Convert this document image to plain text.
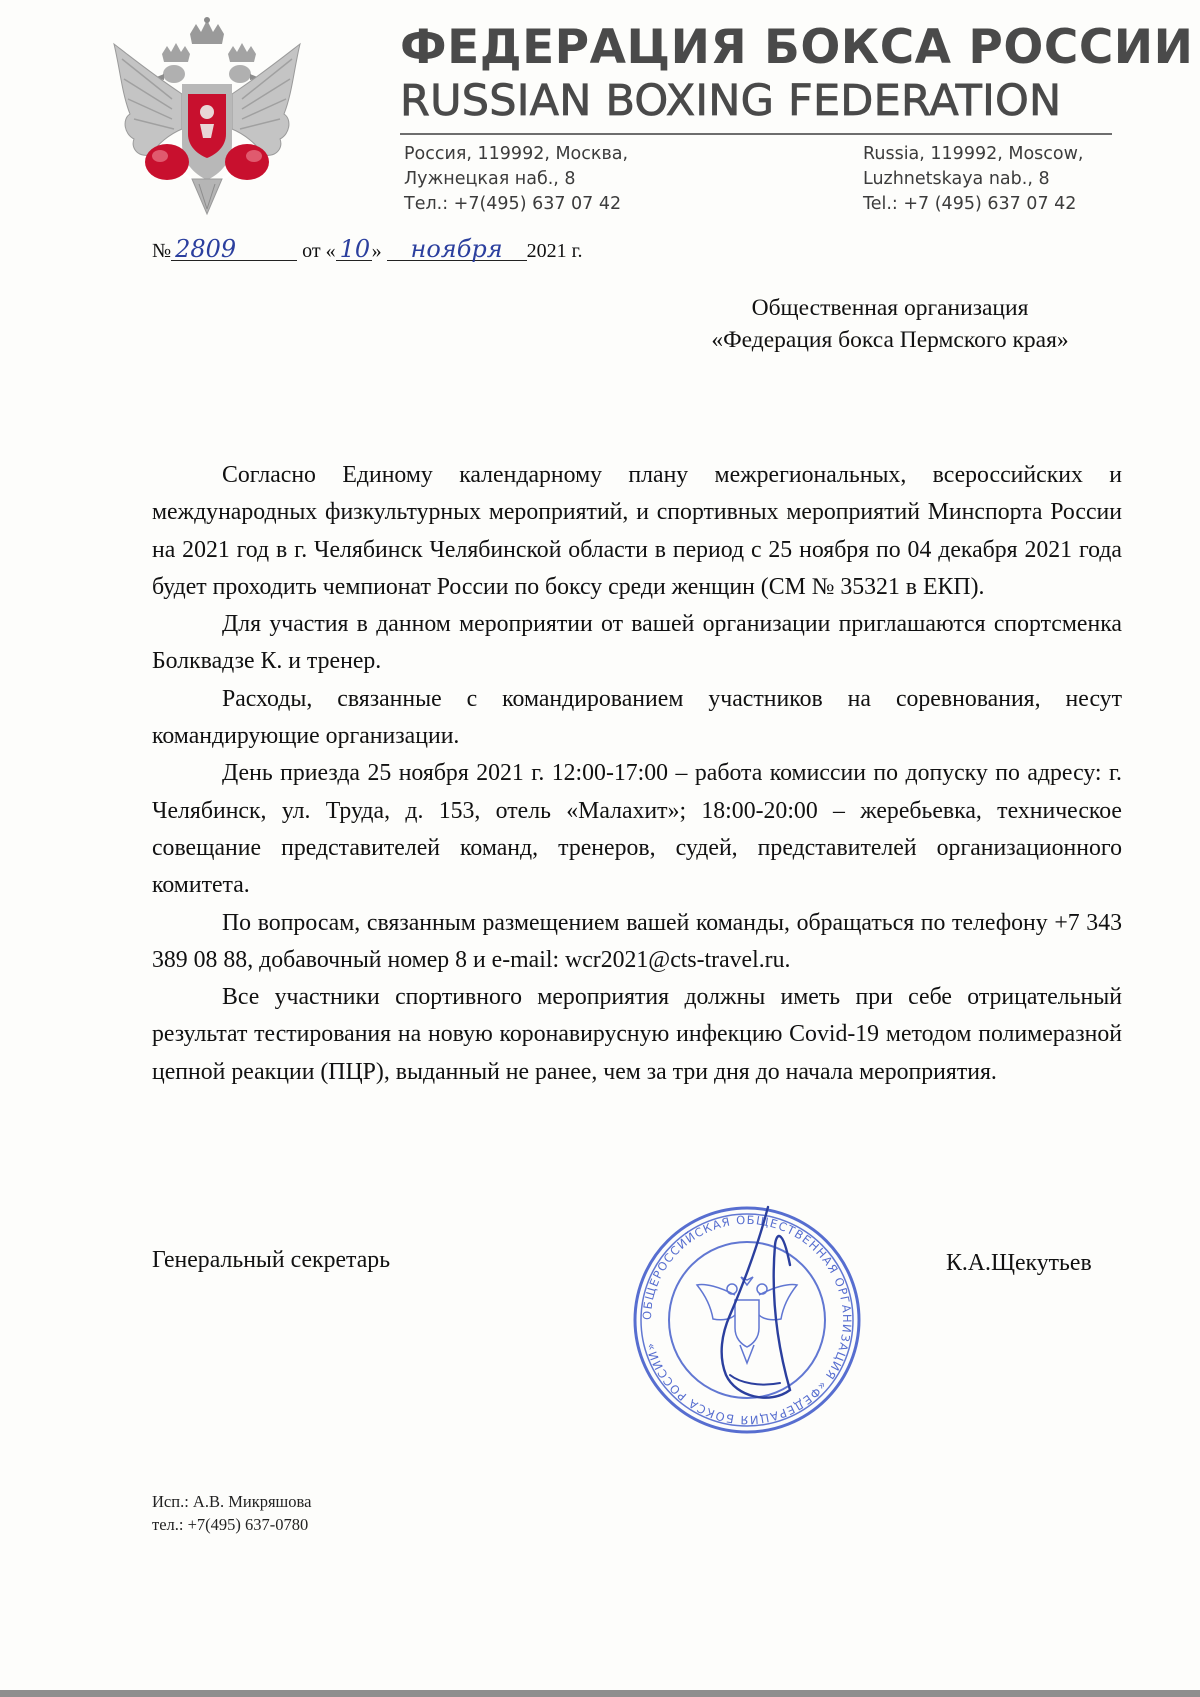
ФЕДЕРАЦИЯ БОКСА РОССИИ
RUSSIAN BOXING FEDERATION
Россия, 119992, Москва,
Лужнецкая наб., 8
Тел.: +7(495) 637 07 42
Russia, 119992, Moscow,
Luzhnetskaya nab., 8
Tel.: +7 (495) 637 07 42
№ 2809	от « 10» ноября 2021 г.
Общественная организация
«Федерация бокса Пермского края»

Согласно Единому календарному плану межрегиональных, всероссийских и международных физкультурных мероприятий, и спортивных мероприятий Минспорта России на 2021 год в г. Челябинск Челябинской области в период с 25 ноября по 04 декабря 2021 года будет проходить чемпионат России по боксу среди женщин (СМ № 35321 в ЕКП).

Для участия в данном мероприятии от вашей организации приглашаются спортсменка Болквадзе К. и тренер.

Расходы, связанные с командированием участников на соревнования, несут командирующие организации.

День приезда 25 ноября 2021 г. 12:00-17:00 – работа комиссии по допуску по адресу: г. Челябинск, ул. Труда, д. 153, отель «Малахит»; 18:00-20:00 – жеребьевка, техническое совещание представителей команд, тренеров, судей, представителей организационного комитета.

По вопросам, связанным размещением вашей команды, обращаться по телефону +7 343 389 08 88, добавочный номер 8 и e-mail: wcr2021@cts-travel.ru.

Все участники спортивного мероприятия должны иметь при себе отрицательный результат тестирования на новую коронавирусную инфекцию Covid-19 методом полимеразной цепной реакции (ПЦР), выданный не ранее, чем за три дня до начала мероприятия.

Генеральный секретарь
ОБЩЕРОССИЙСКАЯ ОБЩЕСТВЕННАЯ ОРГАНИЗАЦИЯ «ФЕДЕРАЦИЯ БОКСА РОССИИ»
К.А.Щекутьев
Исп.: А.В. Микряшова
тел.: +7(495) 637-0780
